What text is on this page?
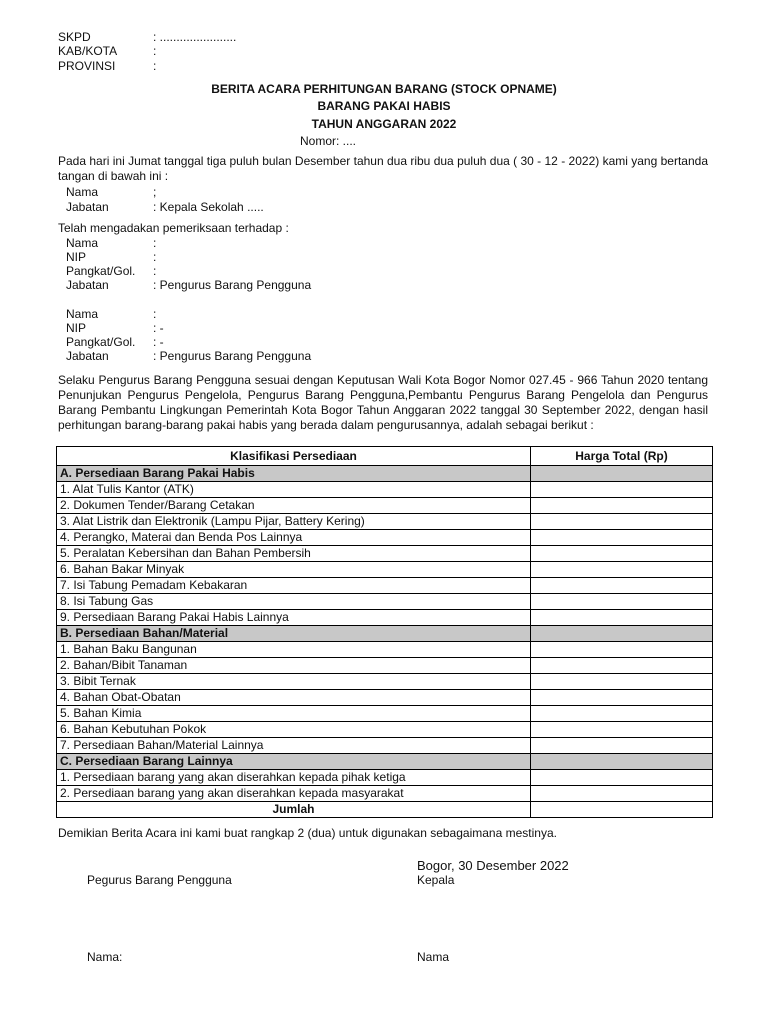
SKPD	: .......................
KAB/KOTA	:
PROVINSI	:
BERITA ACARA PERHITUNGAN BARANG (STOCK OPNAME)
BARANG PAKAI HABIS
TAHUN ANGGARAN 2022
Nomor: ....
Pada hari ini Jumat tanggal tiga puluh bulan Desember tahun dua ribu dua puluh dua ( 30 - 12 - 2022) kami yang bertanda tangan di bawah ini :
Nama	;
Jabatan	: Kepala Sekolah .....
Telah mengadakan pemeriksaan terhadap :
Nama	:
NIP	:
Pangkat/Gol. :
Jabatan	: Pengurus Barang Pengguna
Nama	:
NIP	: -
Pangkat/Gol. : -
Jabatan	: Pengurus Barang Pengguna
Selaku Pengurus Barang Pengguna sesuai dengan Keputusan Wali Kota Bogor Nomor 027.45 - 966 Tahun 2020 tentang Penunjukan Pengurus Pengelola, Pengurus Barang Pengguna,Pembantu Pengurus Barang Pengelola dan Pengurus Barang Pembantu Lingkungan Pemerintah Kota Bogor Tahun Anggaran 2022 tanggal 30 September 2022, dengan hasil perhitungan barang-barang pakai habis yang berada dalam pengurusannya, adalah sebagai berikut :
Klasifikasi Persediaan	Harga Total (Rp)
A. Persediaan Barang Pakai Habis	
1. Alat Tulis Kantor (ATK)	
2. Dokumen Tender/Barang Cetakan	
3. Alat Listrik dan Elektronik (Lampu Pijar, Battery Kering)	
4. Perangko, Materai dan Benda Pos Lainnya	
5. Peralatan Kebersihan dan Bahan Pembersih	
6. Bahan Bakar Minyak	
7. Isi Tabung Pemadam Kebakaran	
8. Isi Tabung Gas	
9. Persediaan Barang Pakai Habis Lainnya	
B. Persediaan Bahan/Material	
1. Bahan Baku Bangunan	
2. Bahan/Bibit Tanaman	
3. Bibit Ternak	
4. Bahan Obat-Obatan	
5. Bahan Kimia	
6. Bahan Kebutuhan Pokok	
7. Persediaan Bahan/Material Lainnya	
C. Persediaan Barang Lainnya	
1. Persediaan barang yang akan diserahkan kepada pihak ketiga	
2. Persediaan barang yang akan diserahkan kepada masyarakat	
Jumlah	
Demikian Berita Acara ini kami buat rangkap 2 (dua) untuk digunakan sebagaimana mestinya.
Bogor, 30 Desember 2022
Pegurus Barang Pengguna	Kepala
Nama:	Nama
